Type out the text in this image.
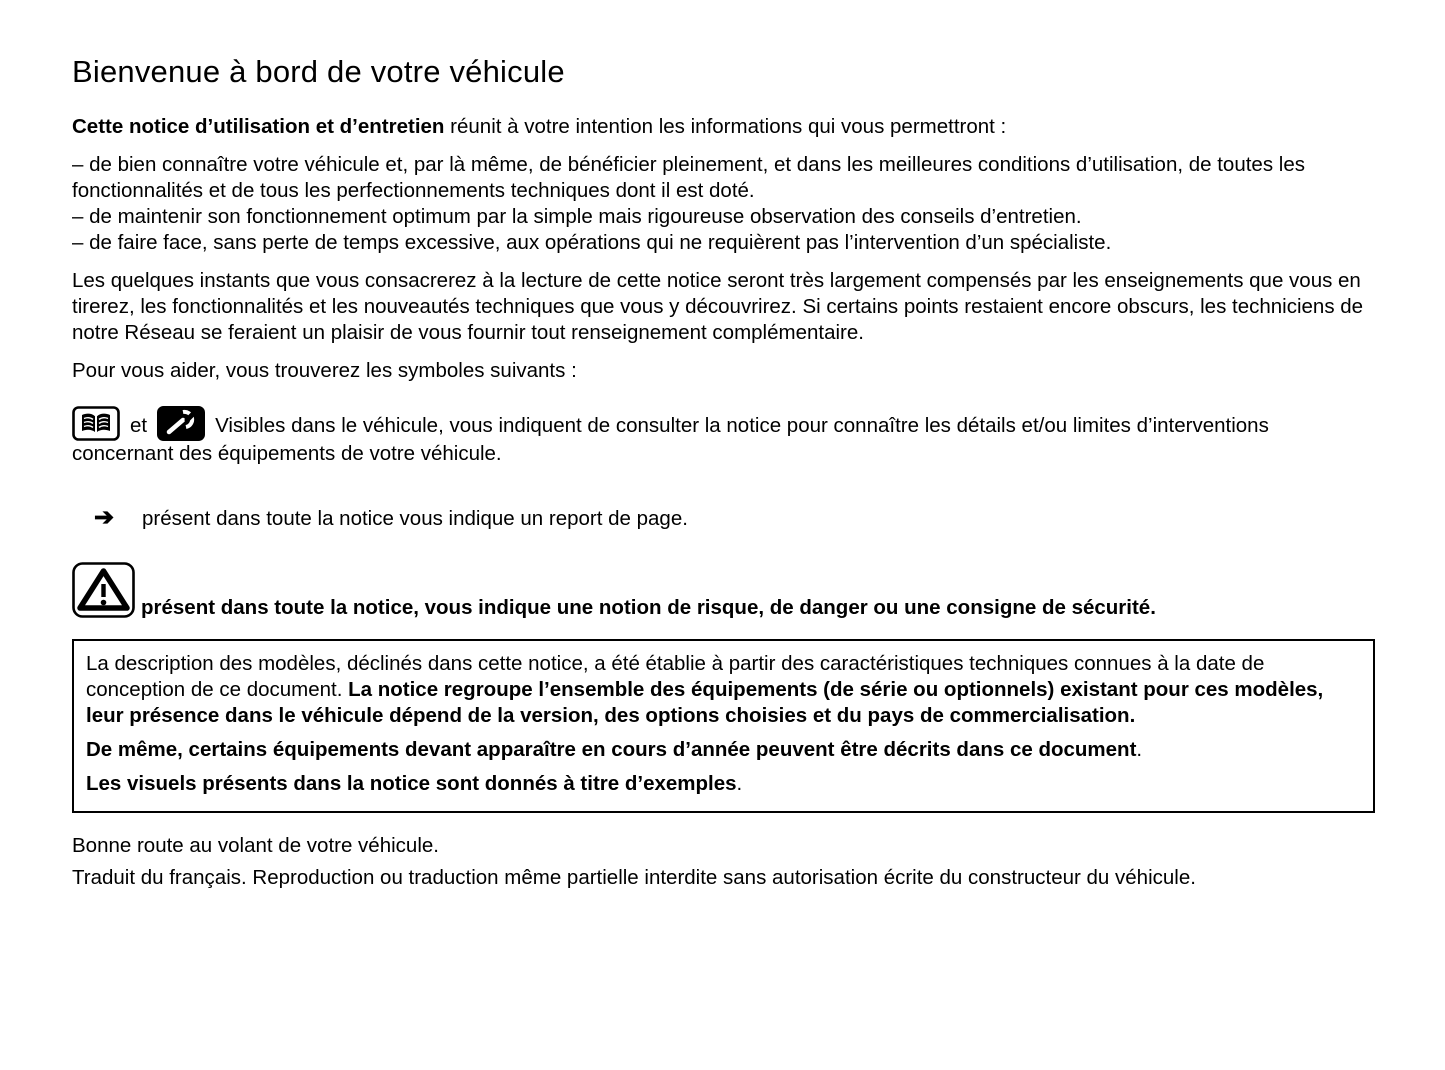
Bienvenue à bord de votre véhicule

Cette notice d’utilisation et d’entretien réunit à votre intention les informations qui vous permettront :

– de bien connaître votre véhicule et, par là même, de bénéficier pleinement, et dans les meilleures conditions d’utilisation, de toutes les fonctionnalités et de tous les perfectionnements techniques dont il est doté.

– de maintenir son fonctionnement optimum par la simple mais rigoureuse observation des conseils d’entretien.

– de faire face, sans perte de temps excessive, aux opérations qui ne requièrent pas l’intervention d’un spécialiste.

Les quelques instants que vous consacrerez à la lecture de cette notice seront très largement compensés par les enseignements que vous en tirerez, les fonctionnalités et les nouveautés techniques que vous y découvrirez. Si certains points restaient encore obscurs, les techniciens de notre Réseau se feraient un plaisir de vous fournir tout renseignement complémentaire.

Pour vous aider, vous trouverez les symboles suivants :

et	Visibles dans le véhicule, vous indiquent de consulter la notice pour connaître les détails et/ou limites d’interventions concernant des équipements de votre véhicule.

➔ présent dans toute la notice vous indique un report de page.

présent dans toute la notice, vous indique une notion de risque, de danger ou une consigne de sécurité.

La description des modèles, déclinés dans cette notice, a été établie à partir des caractéristiques techniques connues à la date de conception de ce document. La notice regroupe l’ensemble des équipements (de série ou optionnels) existant pour ces modèles, leur présence dans le véhicule dépend de la version, des options choisies et du pays de commercialisation.

De même, certains équipements devant apparaître en cours d’année peuvent être décrits dans ce document.

Les visuels présents dans la notice sont donnés à titre d’exemples.

Bonne route au volant de votre véhicule.

Traduit du français. Reproduction ou traduction même partielle interdite sans autorisation écrite du constructeur du véhicule.
